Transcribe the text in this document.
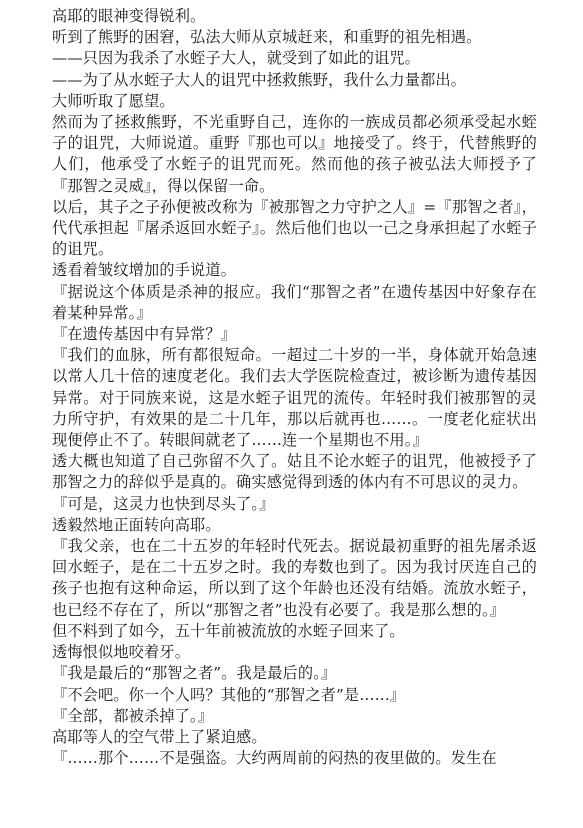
高耶的眼神变得锐利。

听到了熊野的困窘，弘法大师从京城赶来，和重野的祖先相遇。

——只因为我杀了水蛭子大人，就受到了如此的诅咒。

——为了从水蛭子大人的诅咒中拯救熊野，我什么力量都出。

大师听取了愿望。

然而为了拯救熊野，不光重野自己，连你的一族成员都必须承受起水蛭子的诅咒，大师说道。重野『那也可以』地接受了。终于，代替熊野的人们，他承受了水蛭子的诅咒而死。然而他的孩子被弘法大师授予了『那智之灵威』，得以保留一命。

以后，其子之子孙便被改称为『被那智之力守护之人』=『那智之者』，代代承担起『屠杀返回水蛭子』。然后他们也以一己之身承担起了水蛭子的诅咒。

透看着皱纹增加的手说道。

『据说这个体质是杀神的报应。我们“那智之者”在遗传基因中好象存在着某种异常。』

『在遗传基因中有异常？』

『我们的血脉，所有都很短命。一超过二十岁的一半，身体就开始急速以常人几十倍的速度老化。我们去大学医院检查过，被诊断为遗传基因异常。对于同族来说，这是水蛭子诅咒的流传。年轻时我们被那智的灵力所守护，有效果的是二十几年，那以后就再也……。一度老化症状出现便停止不了。转眼间就老了……连一个星期也不用。』

透大概也知道了自己弥留不久了。姑且不论水蛭子的诅咒，他被授予了那智之力的辞似乎是真的。确实感觉得到透的体内有不可思议的灵力。

『可是，这灵力也快到尽头了。』

透毅然地正面转向高耶。

『我父亲，也在二十五岁的年轻时代死去。据说最初重野的祖先屠杀返回水蛭子，是在二十五岁之时。我的寿数也到了。因为我讨厌连自己的孩子也抱有这种命运，所以到了这个年龄也还没有结婚。流放水蛭子，也已经不存在了，所以“那智之者”也没有必要了。我是那么想的。』

但不料到了如今，五十年前被流放的水蛭子回来了。

透悔恨似地咬着牙。

『我是最后的“那智之者”。我是最后的。』

『不会吧。你一个人吗？其他的“那智之者”是……』

『全部，都被杀掉了。』

高耶等人的空气带上了紧迫感。

『……那个……不是强盗。大约两周前的闷热的夜里做的。发生在
